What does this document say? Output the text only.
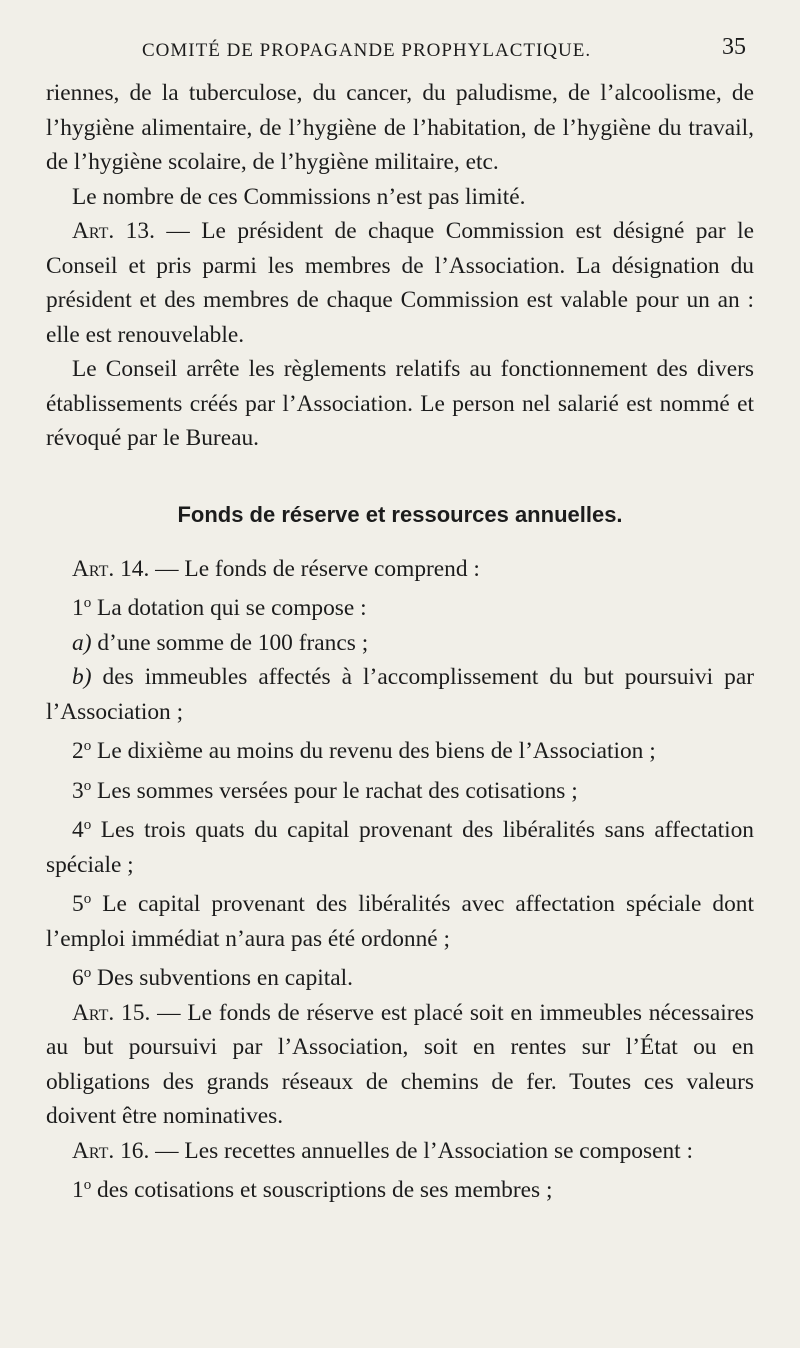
COMITÉ DE PROPAGANDE PROPHYLACTIQUE.	35

riennes, de la tuberculose, du cancer, du paludisme, de l’alcoolisme, de l’hygiène alimentaire, de l’hygiène de l’habitation, de l’hygiène du travail, de l’hygiène scolaire, de l’hygiène militaire, etc.

Le nombre de ces Commissions n’est pas limité.

Art. 13. — Le président de chaque Commission est désigné par le Conseil et pris parmi les membres de l’Association. La désignation du président et des membres de chaque Commission est valable pour un an : elle est renouvelable.

Le Conseil arrête les règlements relatifs au fonctionnement des divers établissements créés par l’Association. Le person nel salarié est nommé et révoqué par le Bureau.

Fonds de réserve et ressources annuelles.

Art. 14. — Le fonds de réserve comprend :

1$^o$ La dotation qui se compose :

a) d’une somme de 100 francs ;

b) des immeubles affectés à l’accomplissement du but poursuivi par l’Association ;

2$^o$ Le dixième au moins du revenu des biens de l’Association ;

3$^o$ Les sommes versées pour le rachat des cotisations ;

4$^o$ Les trois quats du capital provenant des libéralités sans affectation spéciale ;

5$^o$ Le capital provenant des libéralités avec affectation spéciale dont l’emploi immédiat n’aura pas été ordonné ;

6$^o$ Des subventions en capital.

Art. 15. — Le fonds de réserve est placé soit en immeubles nécessaires au but poursuivi par l’Association, soit en rentes sur l’État ou en obligations des grands réseaux de chemins de fer. Toutes ces valeurs doivent être nominatives.

Art. 16. — Les recettes annuelles de l’Association se composent :

1$^o$ des cotisations et souscriptions de ses membres ;
